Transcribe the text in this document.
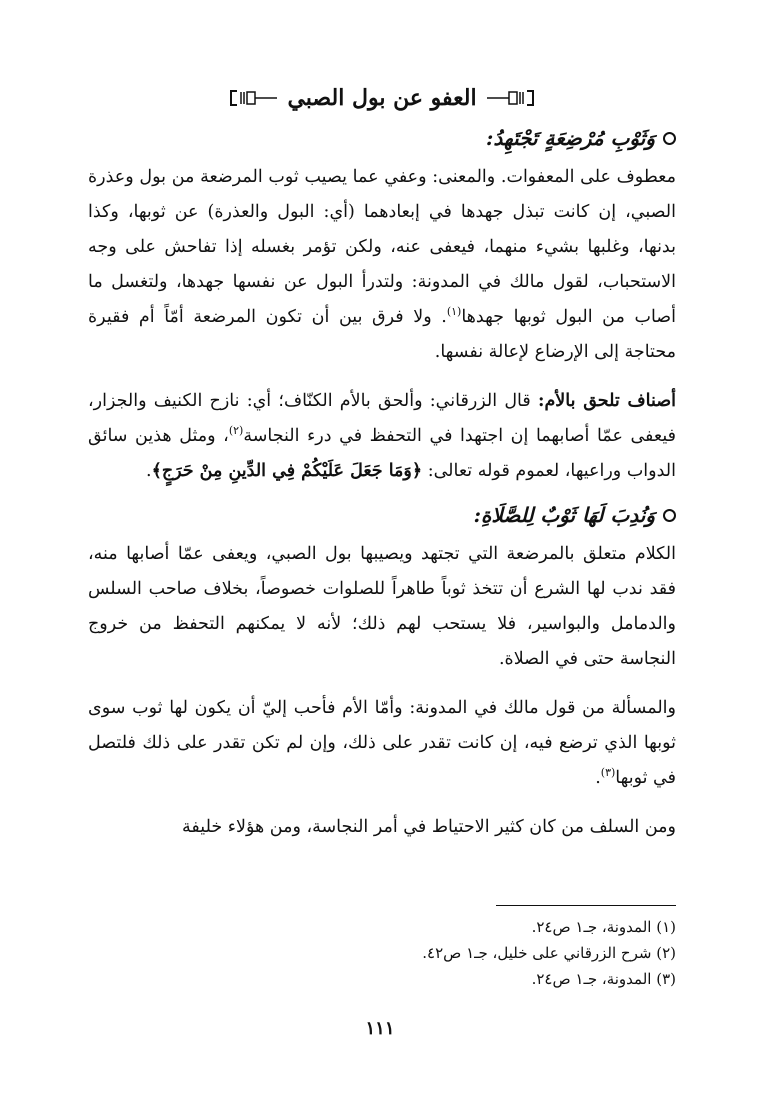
العفو عن بول الصبي
وَثَوْبِ مُرْضِعَةٍ تَجْتَهِدُ:

معطوف على المعفوات. والمعنى: وعفي عما يصيب ثوب المرضعة من بول وعذرة الصبي، إن كانت تبذل جهدها في إبعادهما (أي: البول والعذرة) عن ثوبها، وكذا بدنها، وغلبها بشيء منهما، فيعفى عنه، ولكن تؤمر بغسله إذا تفاحش على وجه الاستحباب، لقول مالك في المدونة: ولتدرأ البول عن نفسها جهدها، ولتغسل ما أصاب من البول ثوبها جهدها$^{(١)}$. ولا فرق بين أن تكون المرضعة أمّاً أم فقيرة محتاجة إلى الإرضاع لإعالة نفسها.

أصناف تلحق بالأم: قال الزرقاني: وألحق بالأم الكنّاف؛ أي: نازح الكنيف والجزار، فيعفى عمّا أصابهما إن اجتهدا في التحفظ في درء النجاسة$^{(٢)}$، ومثل هذين سائق الدواب وراعيها، لعموم قوله تعالى: ﴿وَمَا جَعَلَ عَلَيْكُمْ فِي الدِّينِ مِنْ حَرَجٍ﴾.

وَنُدِبَ لَهَا ثَوْبٌ لِلصَّلَاةِ:

الكلام متعلق بالمرضعة التي تجتهد ويصيبها بول الصبي، ويعفى عمّا أصابها منه، فقد ندب لها الشرع أن تتخذ ثوباً طاهراً للصلوات خصوصاً، بخلاف صاحب السلس والدمامل والبواسير، فلا يستحب لهم ذلك؛ لأنه لا يمكنهم التحفظ من خروج النجاسة حتى في الصلاة.

والمسألة من قول مالك في المدونة: وأمّا الأم فأحب إليّ أن يكون لها ثوب سوى ثوبها الذي ترضع فيه، إن كانت تقدر على ذلك، وإن لم تكن تقدر على ذلك فلتصل في ثوبها$^{(٣)}$.

ومن السلف من كان كثير الاحتياط في أمر النجاسة، ومن هؤلاء خليفة

(١) المدونة، جـ١ ص٢٤.

(٢) شرح الزرقاني على خليل، جـ١ ص٤٢.

(٣) المدونة، جـ١ ص٢٤.

١١١
